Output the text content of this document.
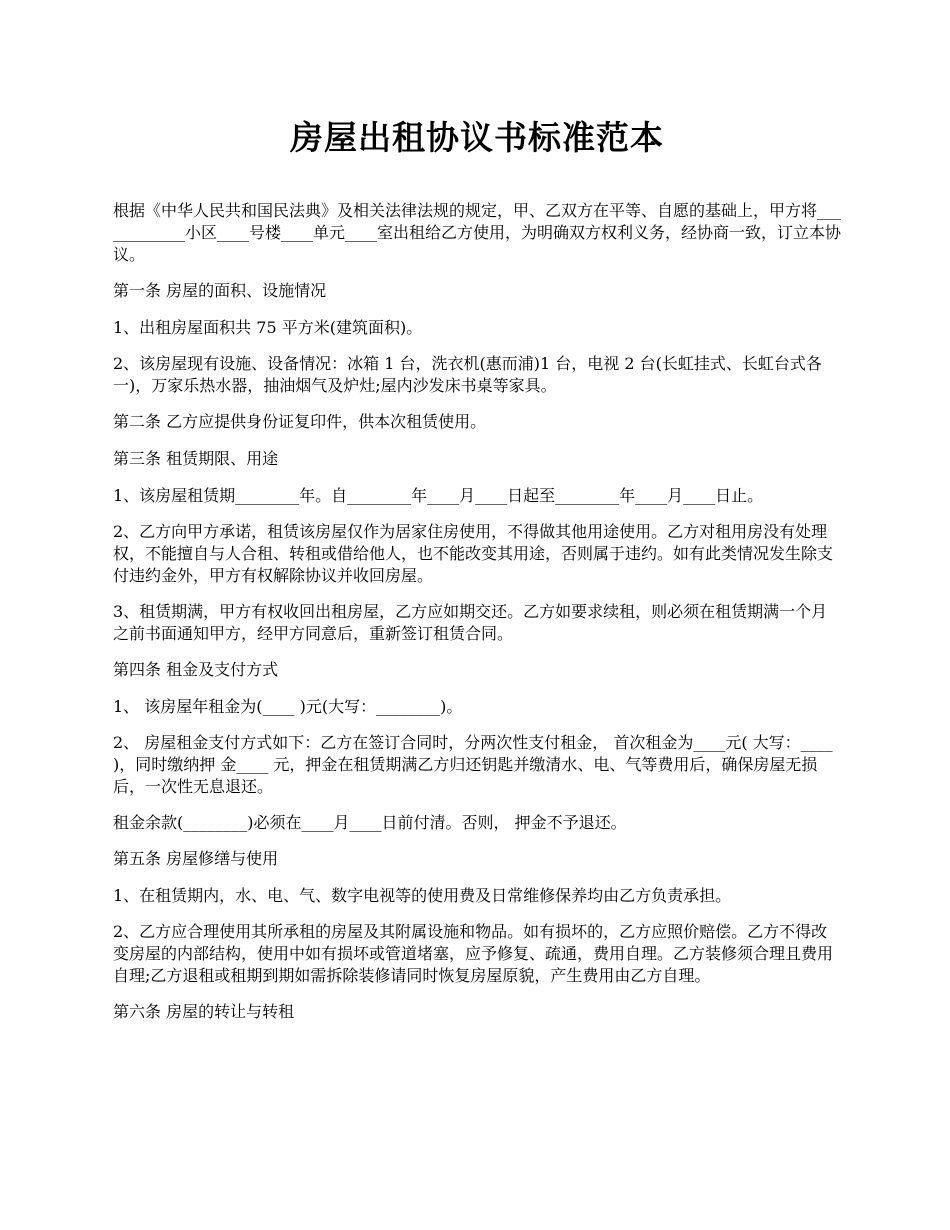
房屋出租协议书标准范本

根据《中华人民共和国民法典》及相关法律法规的规定，甲、乙双方在平等、自愿的基础上，甲方将____________小区____号楼____单元____室出租给乙方使用，为明确双方权利义务，经协商一致，订立本协议。

第一条 房屋的面积、设施情况

1、出租房屋面积共 75 平方米(建筑面积)。

2、该房屋现有设施、设备情况：冰箱 1 台，洗衣机(惠而浦)1 台，电视 2 台(长虹挂式、长虹台式各一)，万家乐热水器，抽油烟气及炉灶;屋内沙发床书桌等家具。

第二条 乙方应提供身份证复印件，供本次租赁使用。

第三条 租赁期限、用途

1、该房屋租赁期________年。自________年____月____日起至________年____月____日止。

2、乙方向甲方承诺，租赁该房屋仅作为居家住房使用，不得做其他用途使用。乙方对租用房没有处理权，不能擅自与人合租、转租或借给他人，也不能改变其用途，否则属于违约。如有此类情况发生除支付违约金外，甲方有权解除协议并收回房屋。

3、租赁期满，甲方有权收回出租房屋，乙方应如期交还。乙方如要求续租，则必须在租赁期满一个月之前书面通知甲方，经甲方同意后，重新签订租赁合同。

第四条 租金及支付方式

1、 该房屋年租金为(____ )元(大写：________)。

2、 房屋租金支付方式如下：乙方在签订合同时，分两次性支付租金， 首次租金为____元( 大写：____ )，同时缴纳押 金____ 元，押金在租赁期满乙方归还钥匙并缴清水、电、气等费用后，确保房屋无损后，一次性无息退还。

租金余款(________)必须在____月____日前付清。否则， 押金不予退还。

第五条 房屋修缮与使用

1、在租赁期内，水、电、气、数字电视等的使用费及日常维修保养均由乙方负责承担。

2、乙方应合理使用其所承租的房屋及其附属设施和物品。如有损坏的，乙方应照价赔偿。乙方不得改变房屋的内部结构，使用中如有损坏或管道堵塞，应予修复、疏通，费用自理。乙方装修须合理且费用自理;乙方退租或租期到期如需拆除装修请同时恢复房屋原貌，产生费用由乙方自理。

第六条 房屋的转让与转租
